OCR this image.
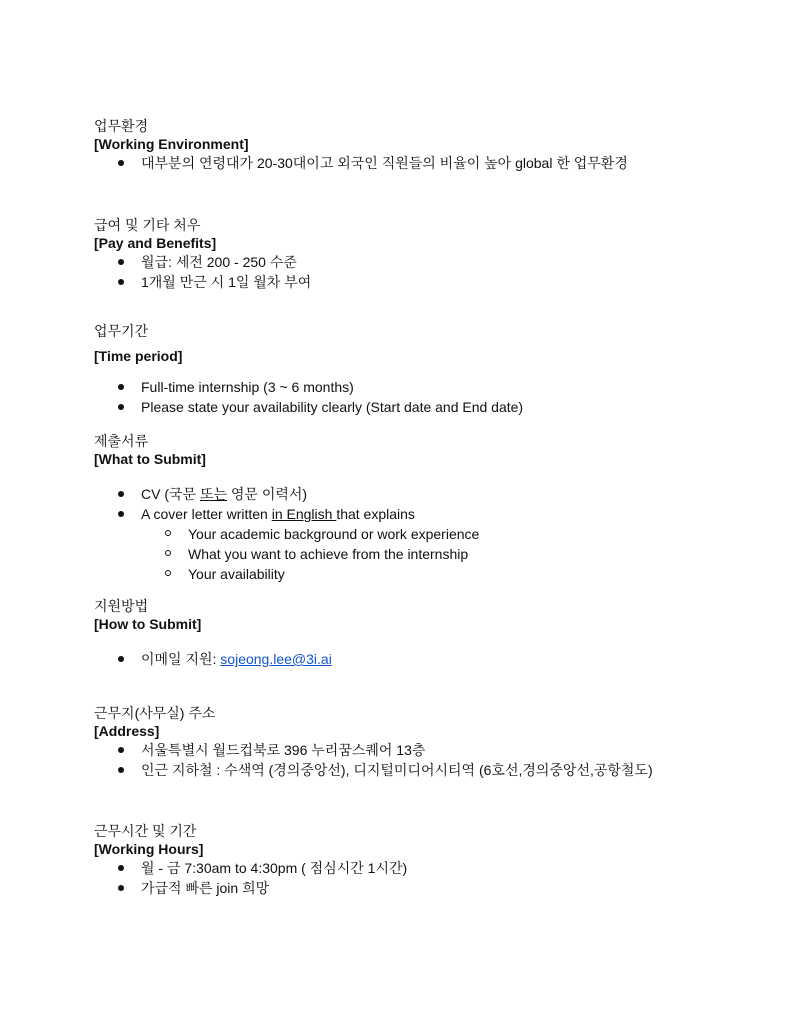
업무환경

[Working Environment]

대부분의 연령대가 20-30대이고 외국인 직원들의 비율이 높아 global 한 업무환경

급여 및 기타 처우

[Pay and Benefits]

월급: 세전 200 - 250 수준
1개월 만근 시 1일 월차 부여

업무기간

[Time period]

Full-time internship (3 ~ 6 months)
Please state your availability clearly (Start date and End date)

제출서류

[What to Submit]

CV (국문 또는 영문 이력서)
A cover letter written in English that explains
Your academic background or work experience
What you want to achieve from the internship
Your availability

지원방법

[How to Submit]

이메일 지원: sojeong.lee@3i.ai

근무지(사무실) 주소

[Address]

서울특별시 월드컵북로 396 누리꿈스퀘어 13층
인근 지하철 : 수색역 (경의중앙선), 디지털미디어시티역 (6호선,경의중앙선,공항철도)

근무시간 및 기간

[Working Hours]

월 - 금 7:30am to 4:30pm ( 점심시간 1시간)
가급적 빠른 join 희망
